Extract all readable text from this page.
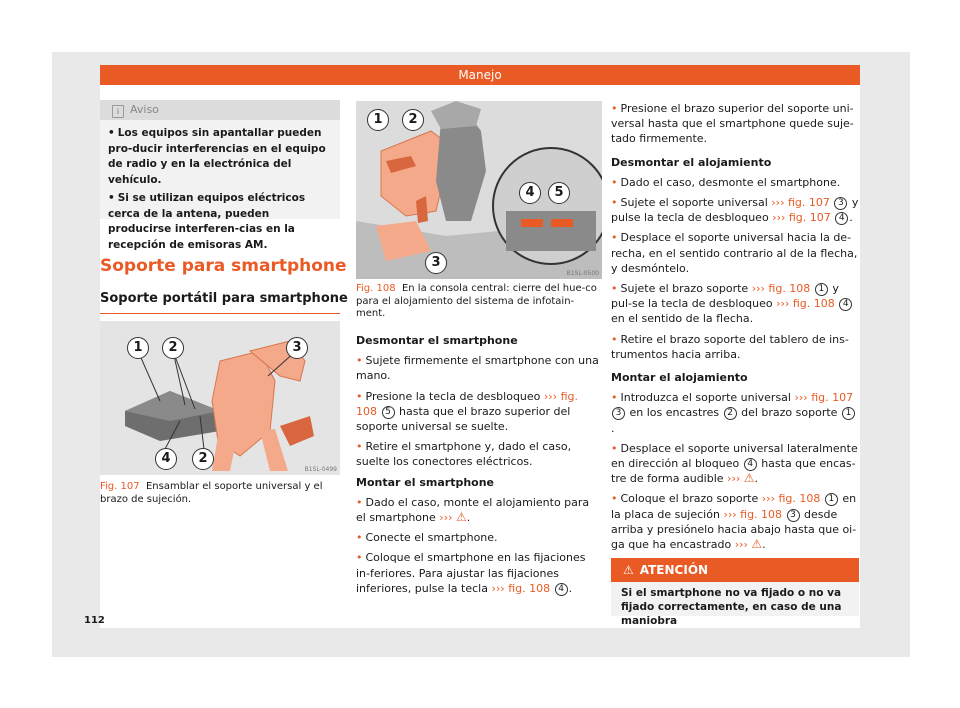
Manejo
i Aviso
• Los equipos sin apantallar pueden pro-ducir interferencias en el equipo de radio y en la electrónica del vehículo.
• Si se utilizan equipos eléctricos cerca de la antena, pueden producirse interferen-cias en la recepción de emisoras AM.
Soporte para smartphone
Soporte portátil para smartphone
1	2	3
4	2
B1SL-0499
Fig. 107 Ensamblar el soporte universal y el brazo de sujeción.
1	2
3
4	5
B1SL-0500
Fig. 108 En la consola central: cierre del hue-co para el alojamiento del sistema de infotain-ment.

Desmontar el smartphone

• Sujete firmemente el smartphone con una mano.

• Presione la tecla de desbloqueo ››› fig. 108 5 hasta que el brazo superior del soporte universal se suelte.

• Retire el smartphone y, dado el caso, suelte los conectores eléctricos.

Montar el smartphone

• Dado el caso, monte el alojamiento para el smartphone ››› ⚠.

• Conecte el smartphone.

• Coloque el smartphone en las fijaciones in-feriores. Para ajustar las fijaciones inferiores, pulse la tecla ››› fig. 108 4 .

• Presione el brazo superior del soporte uni-versal hasta que el smartphone quede suje-tado firmemente.

Desmontar el alojamiento

• Dado el caso, desmonte el smartphone.

• Sujete el soporte universal ››› fig. 107 3 y pulse la tecla de desbloqueo ››› fig. 107 4 .

• Desplace el soporte universal hacia la de-recha, en el sentido contrario al de la flecha, y desmóntelo.

• Sujete el brazo soporte ››› fig. 108 1 y pul-se la tecla de desbloqueo ››› fig. 108 4 en el sentido de la flecha.

• Retire el brazo soporte del tablero de ins-trumentos hacia arriba.

Montar el alojamiento

• Introduzca el soporte universal ››› fig. 107 3 en los encastres 2 del brazo soporte 1.

• Desplace el soporte universal lateralmente en dirección al bloqueo 4 hasta que encas-tre de forma audible ››› ⚠.

• Coloque el brazo soporte ››› fig. 108 1 en la placa de sujeción ››› fig. 108 3 desde arriba y presiónelo hacia abajo hasta que oi-ga que ha encastrado ››› ⚠.

⚠ ATENCIÓN
Si el smartphone no va fijado o no va fijado correctamente, en caso de una maniobra
112
